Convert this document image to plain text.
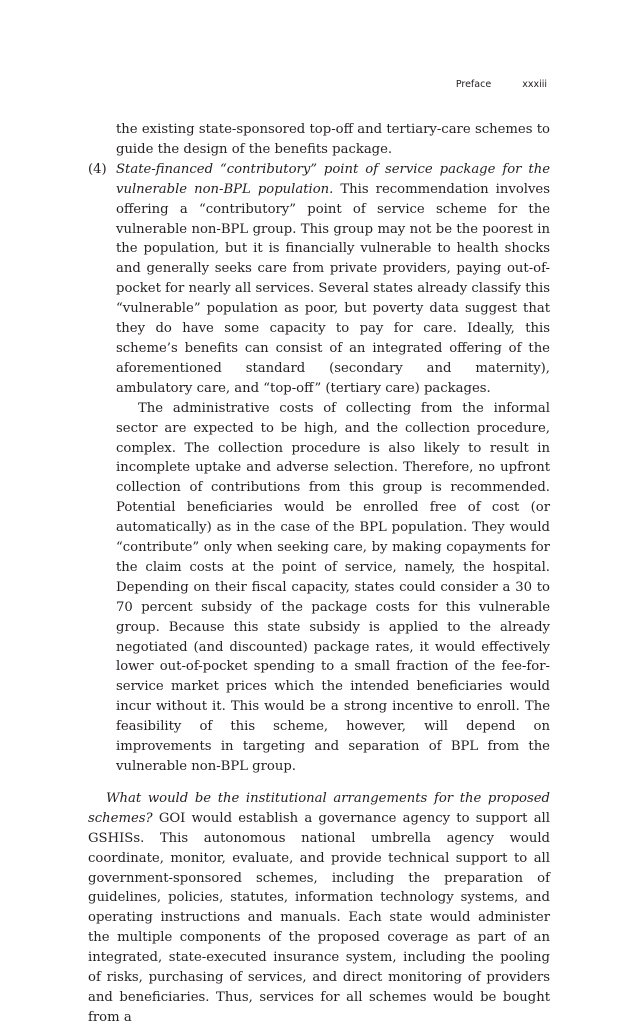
Preface	xxxiii

the existing state-sponsored top-off and tertiary-care schemes to guide the design of the benefits package.

(4) State-financed “contributory” point of service package for the vulnerable non-BPL population. This recommendation involves offering a “contributory” point of service scheme for the vulnerable non-BPL group. This group may not be the poorest in the population, but it is financially vulnerable to health shocks and generally seeks care from private providers, paying out-of-pocket for nearly all services. Several states already classify this “vulnerable” population as poor, but poverty data suggest that they do have some capacity to pay for care. Ideally, this scheme’s benefits can consist of an integrated offering of the aforementioned standard (secondary and maternity), ambulatory care, and “top-off” (tertiary care) packages.

The administrative costs of collecting from the informal sector are expected to be high, and the collection procedure, complex. The collection procedure is also likely to result in incomplete uptake and adverse selection. Therefore, no upfront collection of contributions from this group is recommended. Potential beneficiaries would be enrolled free of cost (or automatically) as in the case of the BPL population. They would “contribute” only when seeking care, by making copayments for the claim costs at the point of service, namely, the hospital. Depending on their fiscal capacity, states could consider a 30 to 70 percent subsidy of the package costs for this vulnerable group. Because this state subsidy is applied to the already negotiated (and discounted) package rates, it would effectively lower out-of-pocket spending to a small fraction of the fee-for-service market prices which the intended beneficiaries would incur without it. This would be a strong incentive to enroll. The feasibility of this scheme, however, will depend on improvements in targeting and separation of BPL from the vulnerable non-BPL group.

What would be the institutional arrangements for the proposed schemes? GOI would establish a governance agency to support all GSHISs. This autonomous national umbrella agency would coordinate, monitor, evaluate, and provide technical support to all government-sponsored schemes, including the preparation of guidelines, policies, statutes, information technology systems, and operating instructions and manuals. Each state would administer the multiple components of the proposed coverage as part of an integrated, state-executed insurance system, including the pooling of risks, purchasing of services, and direct monitoring of providers and beneficiaries. Thus, services for all schemes would be bought from a
